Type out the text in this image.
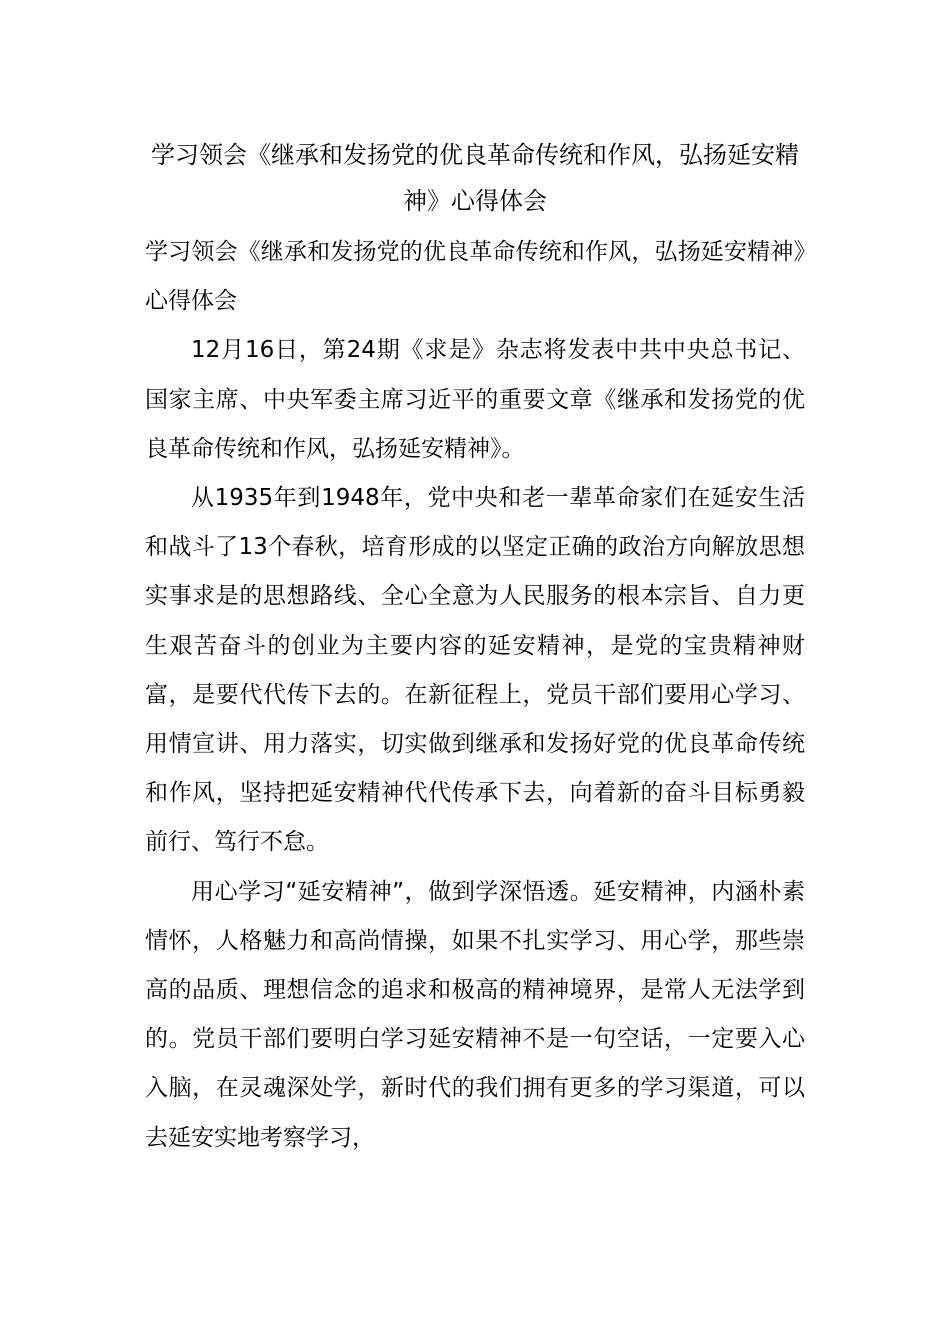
学习领会《继承和发扬党的优良革命传统和作风，弘扬延安精神》心得体会

学习领会《继承和发扬党的优良革命传统和作风，弘扬延安精神》心得体会

12月16日，第24期《求是》杂志将发表中共中央总书记、国家主席、中央军委主席习近平的重要文章《继承和发扬党的优良革命传统和作风，弘扬延安精神》。

从1935年到1948年，党中央和老一辈革命家们在延安生活和战斗了13个春秋，培育形成的以坚定正确的政治方向解放思想实事求是的思想路线、全心全意为人民服务的根本宗旨、自力更生艰苦奋斗的创业为主要内容的延安精神，是党的宝贵精神财富，是要代代传下去的。在新征程上，党员干部们要用心学习、用情宣讲、用力落实，切实做到继承和发扬好党的优良革命传统和作风，坚持把延安精神代代传承下去，向着新的奋斗目标勇毅前行、笃行不怠。

用心学习“延安精神”，做到学深悟透。延安精神，内涵朴素情怀，人格魅力和高尚情操，如果不扎实学习、用心学，那些崇高的品质、理想信念的追求和极高的精神境界，是常人无法学到的。党员干部们要明白学习延安精神不是一句空话，一定要入心入脑，在灵魂深处学，新时代的我们拥有更多的学习渠道，可以去延安实地考察学习，
